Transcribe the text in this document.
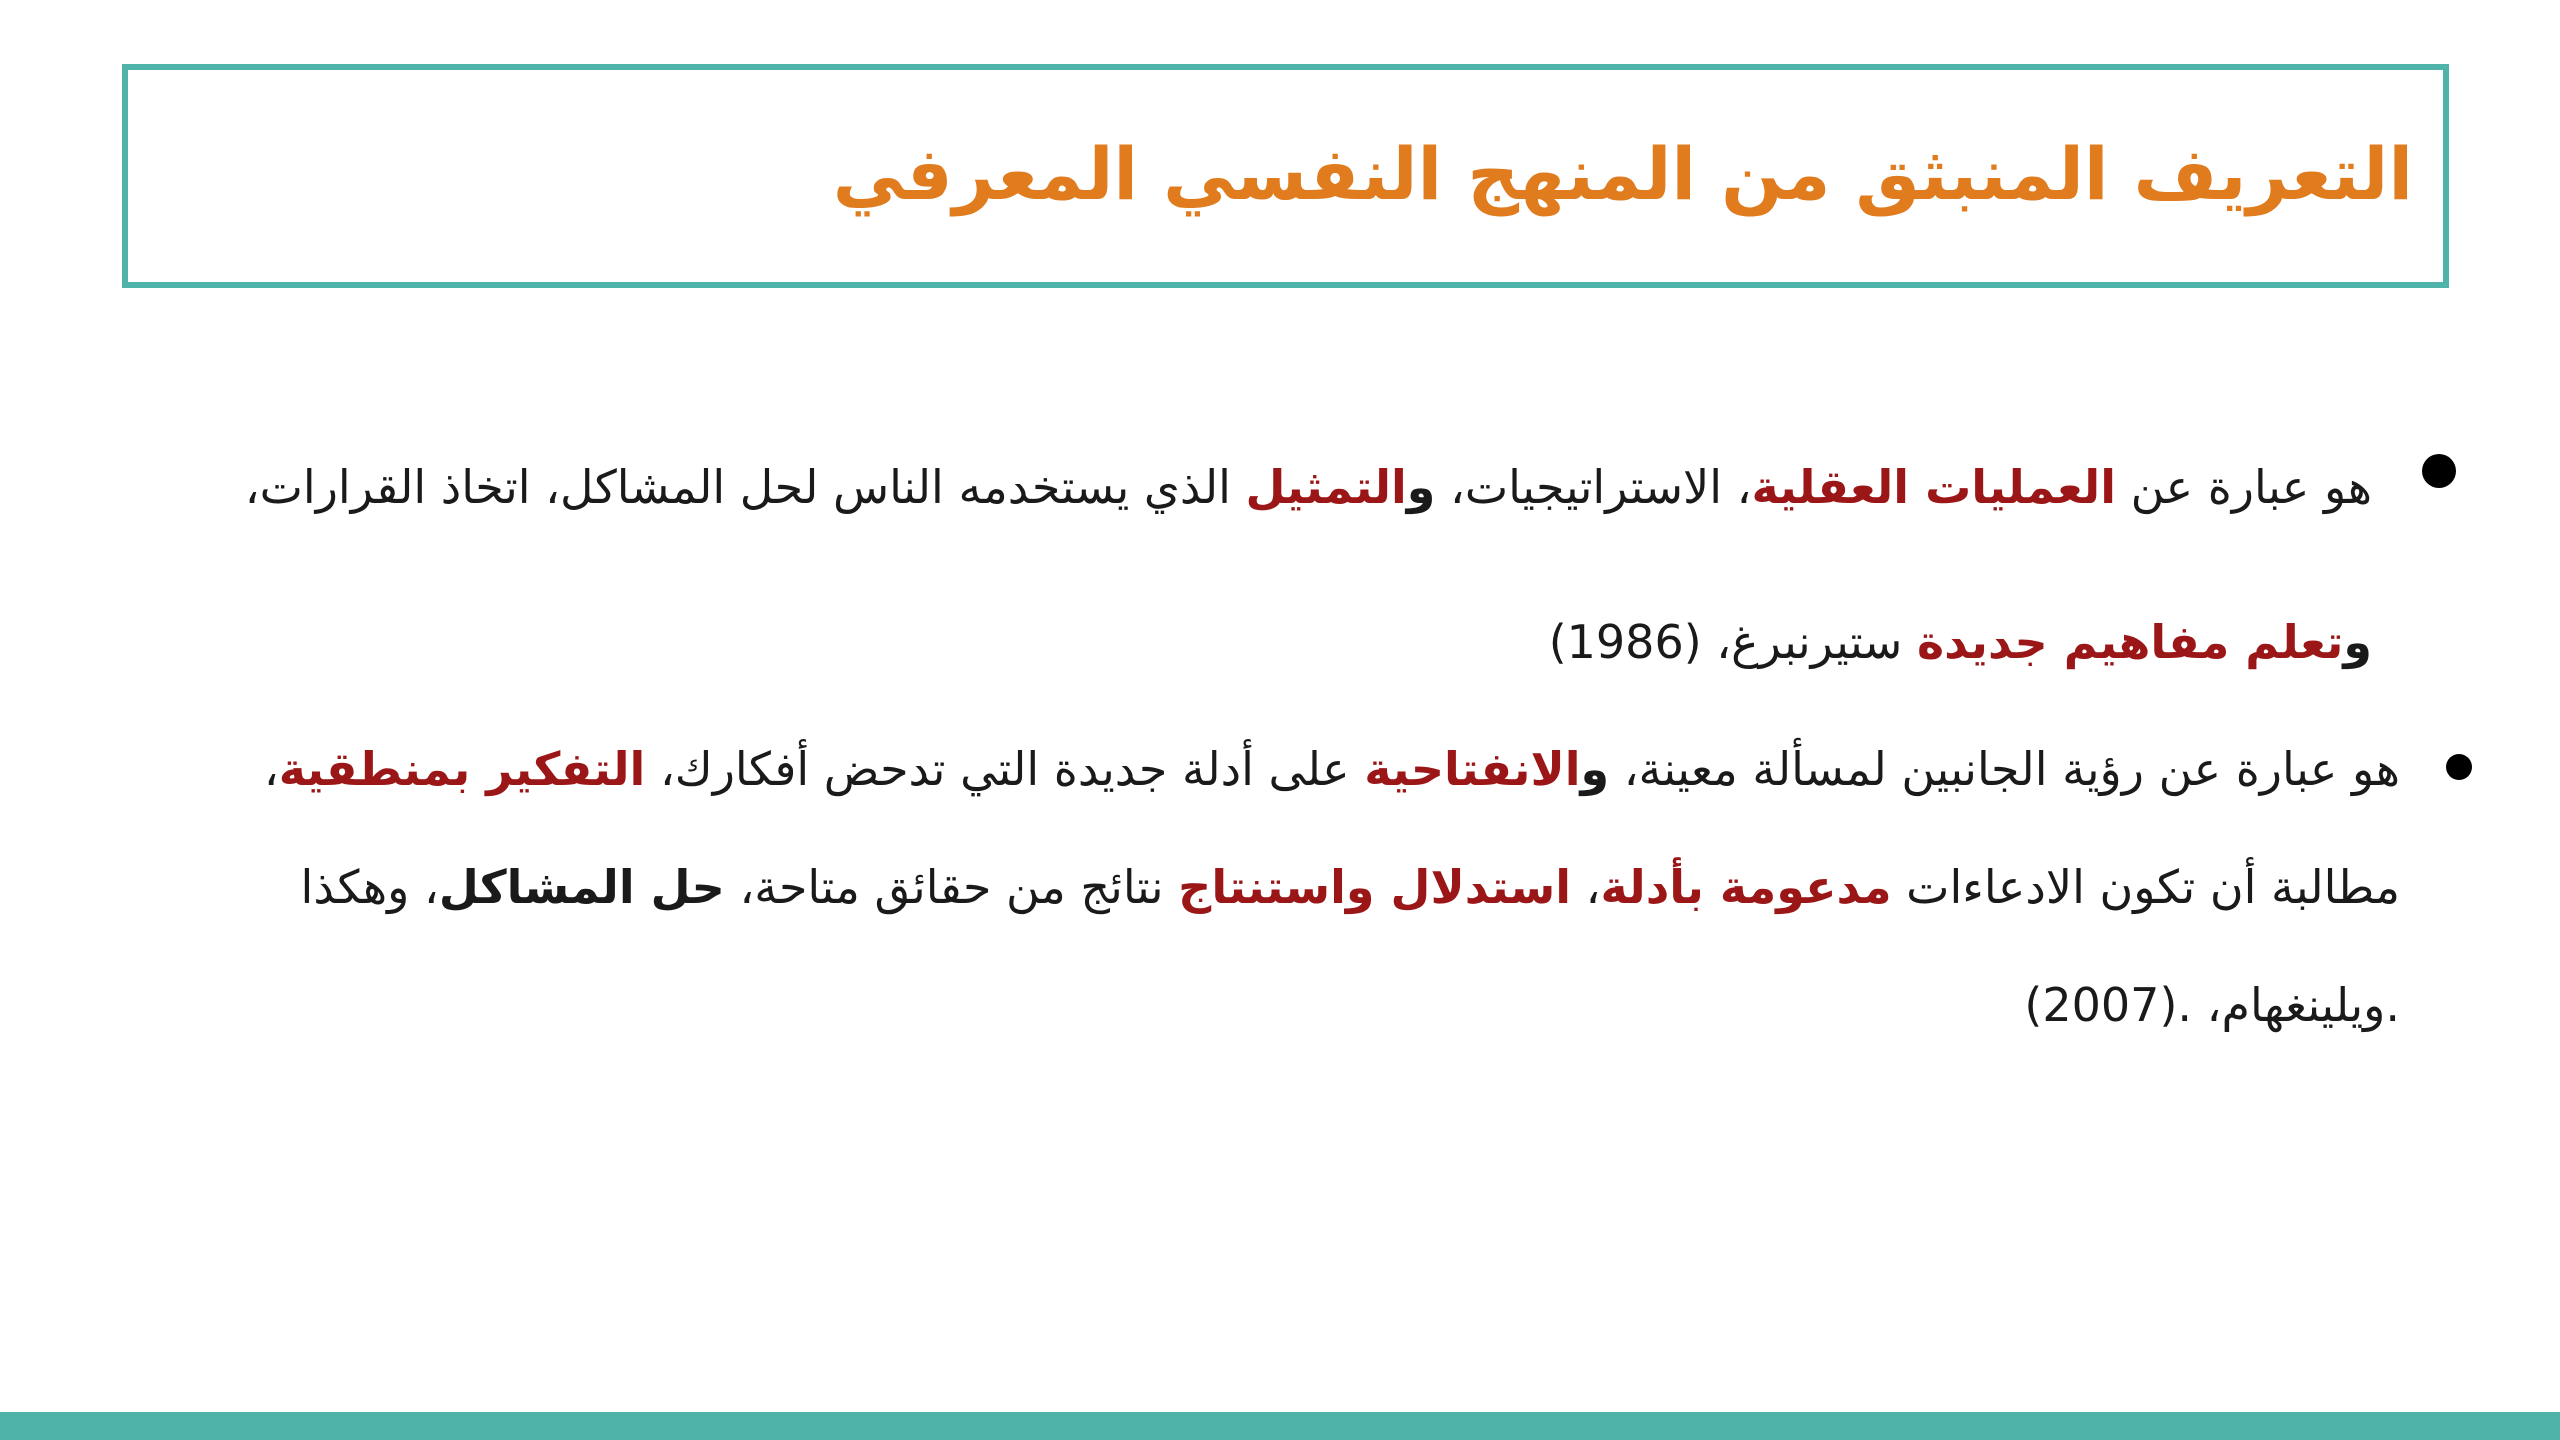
التعريف المنبثق من المنهج النفسي المعرفي
هو عبارة عن العمليات العقلية، الاستراتيجيات، والتمثيل الذي يستخدمه الناس لحل المشاكل، اتخاذ القرارات، وتعلم مفاهيم جديدة ستيرنبرغ، (1986)
هو عبارة عن رؤية الجانبين لمسألة معينة، والانفتاحية على أدلة جديدة التي تدحض أفكارك، التفكير بمنطقية، مطالبة أن تكون الادعاءات مدعومة بأدلة، استدلال واستنتاج نتائج من حقائق متاحة، حل المشاكل، وهكذا .ويلينغهام، .(2007)
